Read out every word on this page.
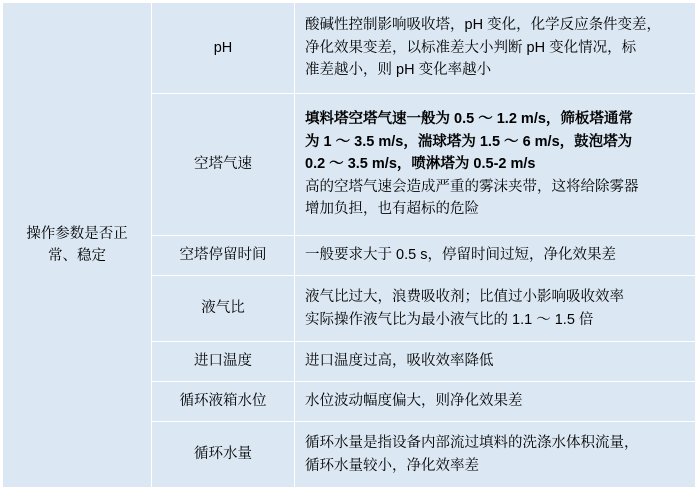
操作参数是否正常、稳定	pH	酸碱性控制影响吸收塔，pH 变化，化学反应条件变差，
净化效果变差，以标准差大小判断 pH 变化情况，标
准差越小，则 pH 变化率越小

	空塔气速	填料塔空塔气速一般为 0.5 ～ 1.2 m/s，筛板塔通常
为 1 ～ 3.5 m/s，湍球塔为 1.5 ～ 6 m/s，鼓泡塔为
0.2 ～ 3.5 m/s，喷淋塔为 0.5-2 m/s
高的空塔气速会造成严重的雾沫夹带，这将给除雾器
增加负担，也有超标的危险

	空塔停留时间	一般要求大于 0.5 s，停留时间过短，净化效果差

	液气比	液气比过大，浪费吸收剂；比值过小影响吸收效率
实际操作液气比为最小液气比的 1.1 ～ 1.5 倍

	进口温度	进口温度过高，吸收效率降低

	循环液箱水位	水位波动幅度偏大，则净化效果差

	循环水量	循环水量是指设备内部流过填料的洗涤水体积流量，
循环水量较小，净化效率差
